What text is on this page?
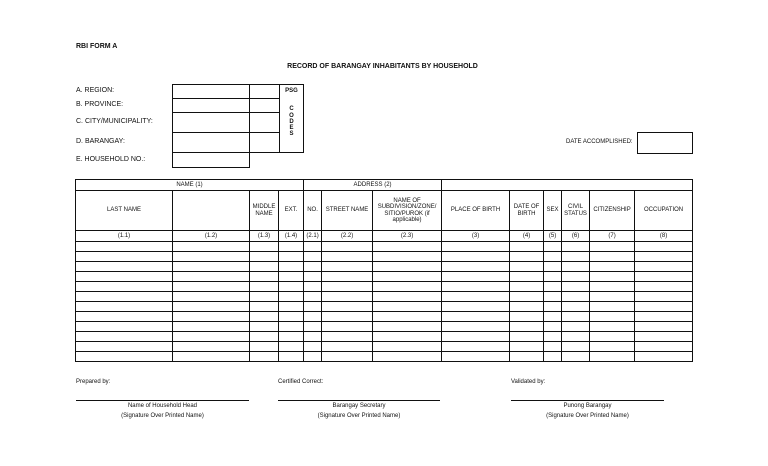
RBI FORM A
RECORD OF BARANGAY INHABITANTS BY HOUSEHOLD
A. REGION:
B. PROVINCE:
C. CITY/MUNICIPALITY:
D. BARANGAY:
E. HOUSEHOLD NO.:
PSG
C
O
D
E
S
DATE ACCOMPLISHED:
NAME (1)				ADDRESS (2)								
LAST NAME		MIDDLE NAME	EXT.	NO.	STREET NAME	NAME OF SUBDIVISION/ZONE/ SITIO/PUROK (if applicable)	PLACE OF BIRTH	DATE OF BIRTH	SEX	CIVIL STATUS	CITIZENSHIP	OCCUPATION
(1.1)	(1.2)	(1.3)	(1.4)	(2.1)	(2.2)	(2.3)	(3)	(4)	(5)	(6)	(7)	(8)

Prepared by:	Certified Correct:	Validated by:
Name of Household Head
(Signature Over Printed Name)
Barangay Secretary
(Signature Over Printed Name)
Punong Barangay
(Signature Over Printed Name)
